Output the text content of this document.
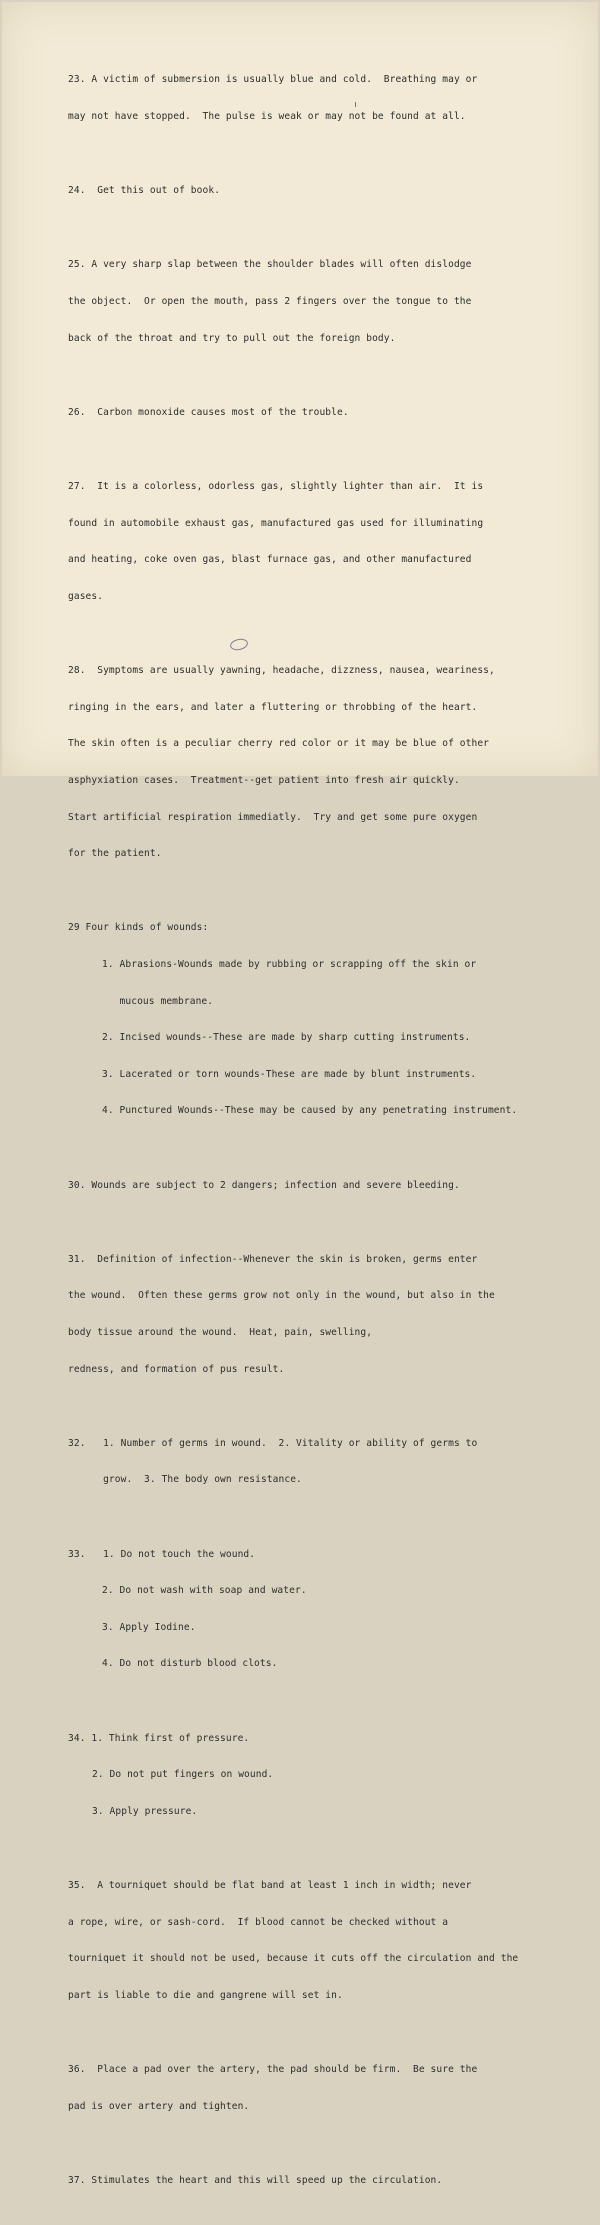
23. A victim of submersion is usually blue and cold.  Breathing may or

may not have stopped.  The pulse is weak or may not be found at all.

24.  Get this out of book.

25. A very sharp slap between the shoulder blades will often dislodge

the object.  Or open the mouth, pass 2 fingers over the tongue to the

back of the throat and try to pull out the foreign body.

26.  Carbon monoxide causes most of the trouble.

27.  It is a colorless, odorless gas, slightly lighter than air.  It is

found in automobile exhaust gas, manufactured gas used for illuminating

and heating, coke oven gas, blast furnace gas, and other manufactured

gases.

28.  Symptoms are usually yawning, headache, dizzness, nausea, weariness,

ringing in the ears, and later a fluttering or throbbing of the heart.

The skin often is a peculiar cherry red color or it may be blue of other

asphyxiation cases.  Treatment--get patient into fresh air quickly.

Start artificial respiration immediatly.  Try and get some pure oxygen

for the patient.

29 Four kinds of wounds:

1. Abrasions-Wounds made by rubbing or scrapping off the skin or

mucous membrane.

2. Incised wounds--These are made by sharp cutting instruments.

3. Lacerated or torn wounds-These are made by blunt instruments.

4. Punctured Wounds--These may be caused by any penetrating instrument.

30. Wounds are subject to 2 dangers; infection and severe bleeding.

31.  Definition of infection--Whenever the skin is broken, germs enter

the wound.  Often these germs grow not only in the wound, but also in the

body tissue around the wound.  Heat, pain, swelling,

redness, and formation of pus result.

32.   1. Number of germs in wound.  2. Vitality or ability of germs to

grow.  3. The body own resistance.

33.   1. Do not touch the wound.

2. Do not wash with soap and water.

3. Apply Iodine.

4. Do not disturb blood clots.

34. 1. Think first of pressure.

2. Do not put fingers on wound.

3. Apply pressure.

35.  A tourniquet should be flat band at least 1 inch in width; never

a rope, wire, or sash-cord.  If blood cannot be checked without a

tourniquet it should not be used, because it cuts off the circulation and the

part is liable to die and gangrene will set in.

36.  Place a pad over the artery, the pad should be firm.  Be sure the

pad is over artery and tighten.

37. Stimulates the heart and this will speed up the circulation.
